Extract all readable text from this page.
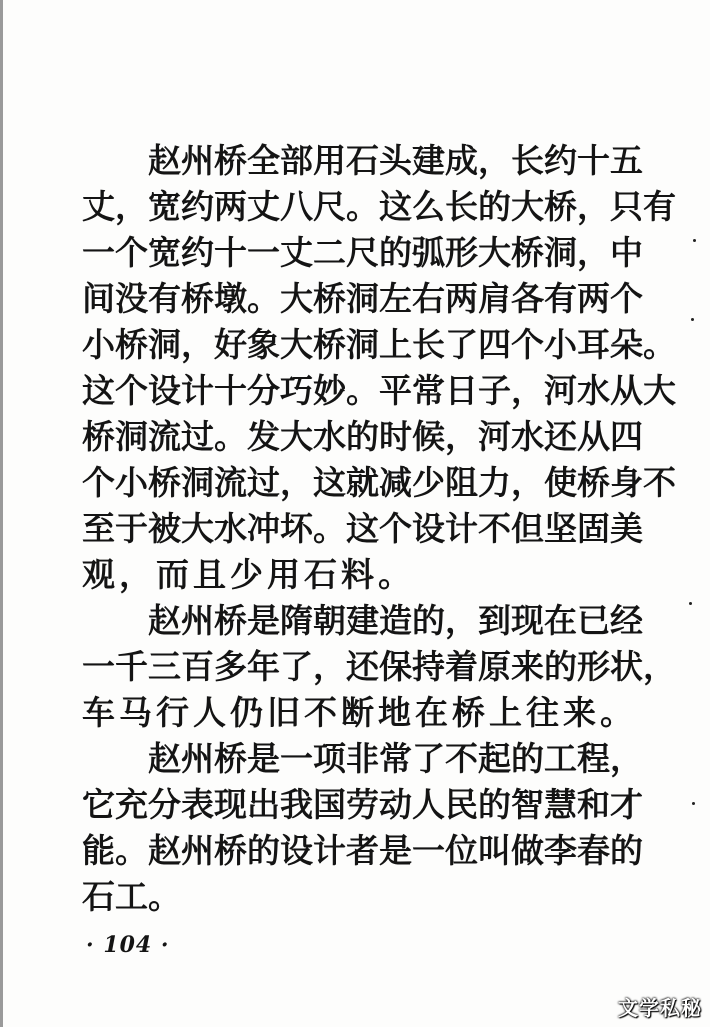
赵 州 桥 全 部 用 石 头 建 成 ， 长 约 十 五
丈 ， 宽 约 两 丈 八 尺 。 这 么 长 的 大 桥 ， 只 有
一 个 宽 约 十 一 丈 二 尺 的 弧 形 大 桥 洞 ， 中
间 没 有 桥 墩 。 大 桥 洞 左 右 两 肩 各 有 两 个
小 桥 洞 ， 好 象 大 桥 洞 上 长 了 四 个 小 耳 朵 。
这 个 设 计 十 分 巧 妙 。 平 常 日 子 ， 河 水 从 大
桥 洞 流 过 。 发 大 水 的 时 候 ， 河 水 还 从 四
个 小 桥 洞 流 过 ， 这 就 减 少 阻 力 ， 使 桥 身 不
至 于 被 大 水 冲 坏 。 这 个 设 计 不 但 坚 固 美
观，而且少用石料。
赵 州 桥 是 隋 朝 建 造 的 ， 到 现 在 已 经
一 千 三 百 多 年 了 ， 还 保 持 着 原 来 的 形 状 ，
车马行人仍旧不断地在桥上往来。
赵 州 桥 是 一 项 非 常 了 不 起 的 工 程 ，
它 充 分 表 现 出 我 国 劳 动 人 民 的 智 慧 和 才
能 。 赵 州 桥 的 设 计 者 是 一 位 叫 做 李 春 的
石工。
· 104 ·
文学私秘
